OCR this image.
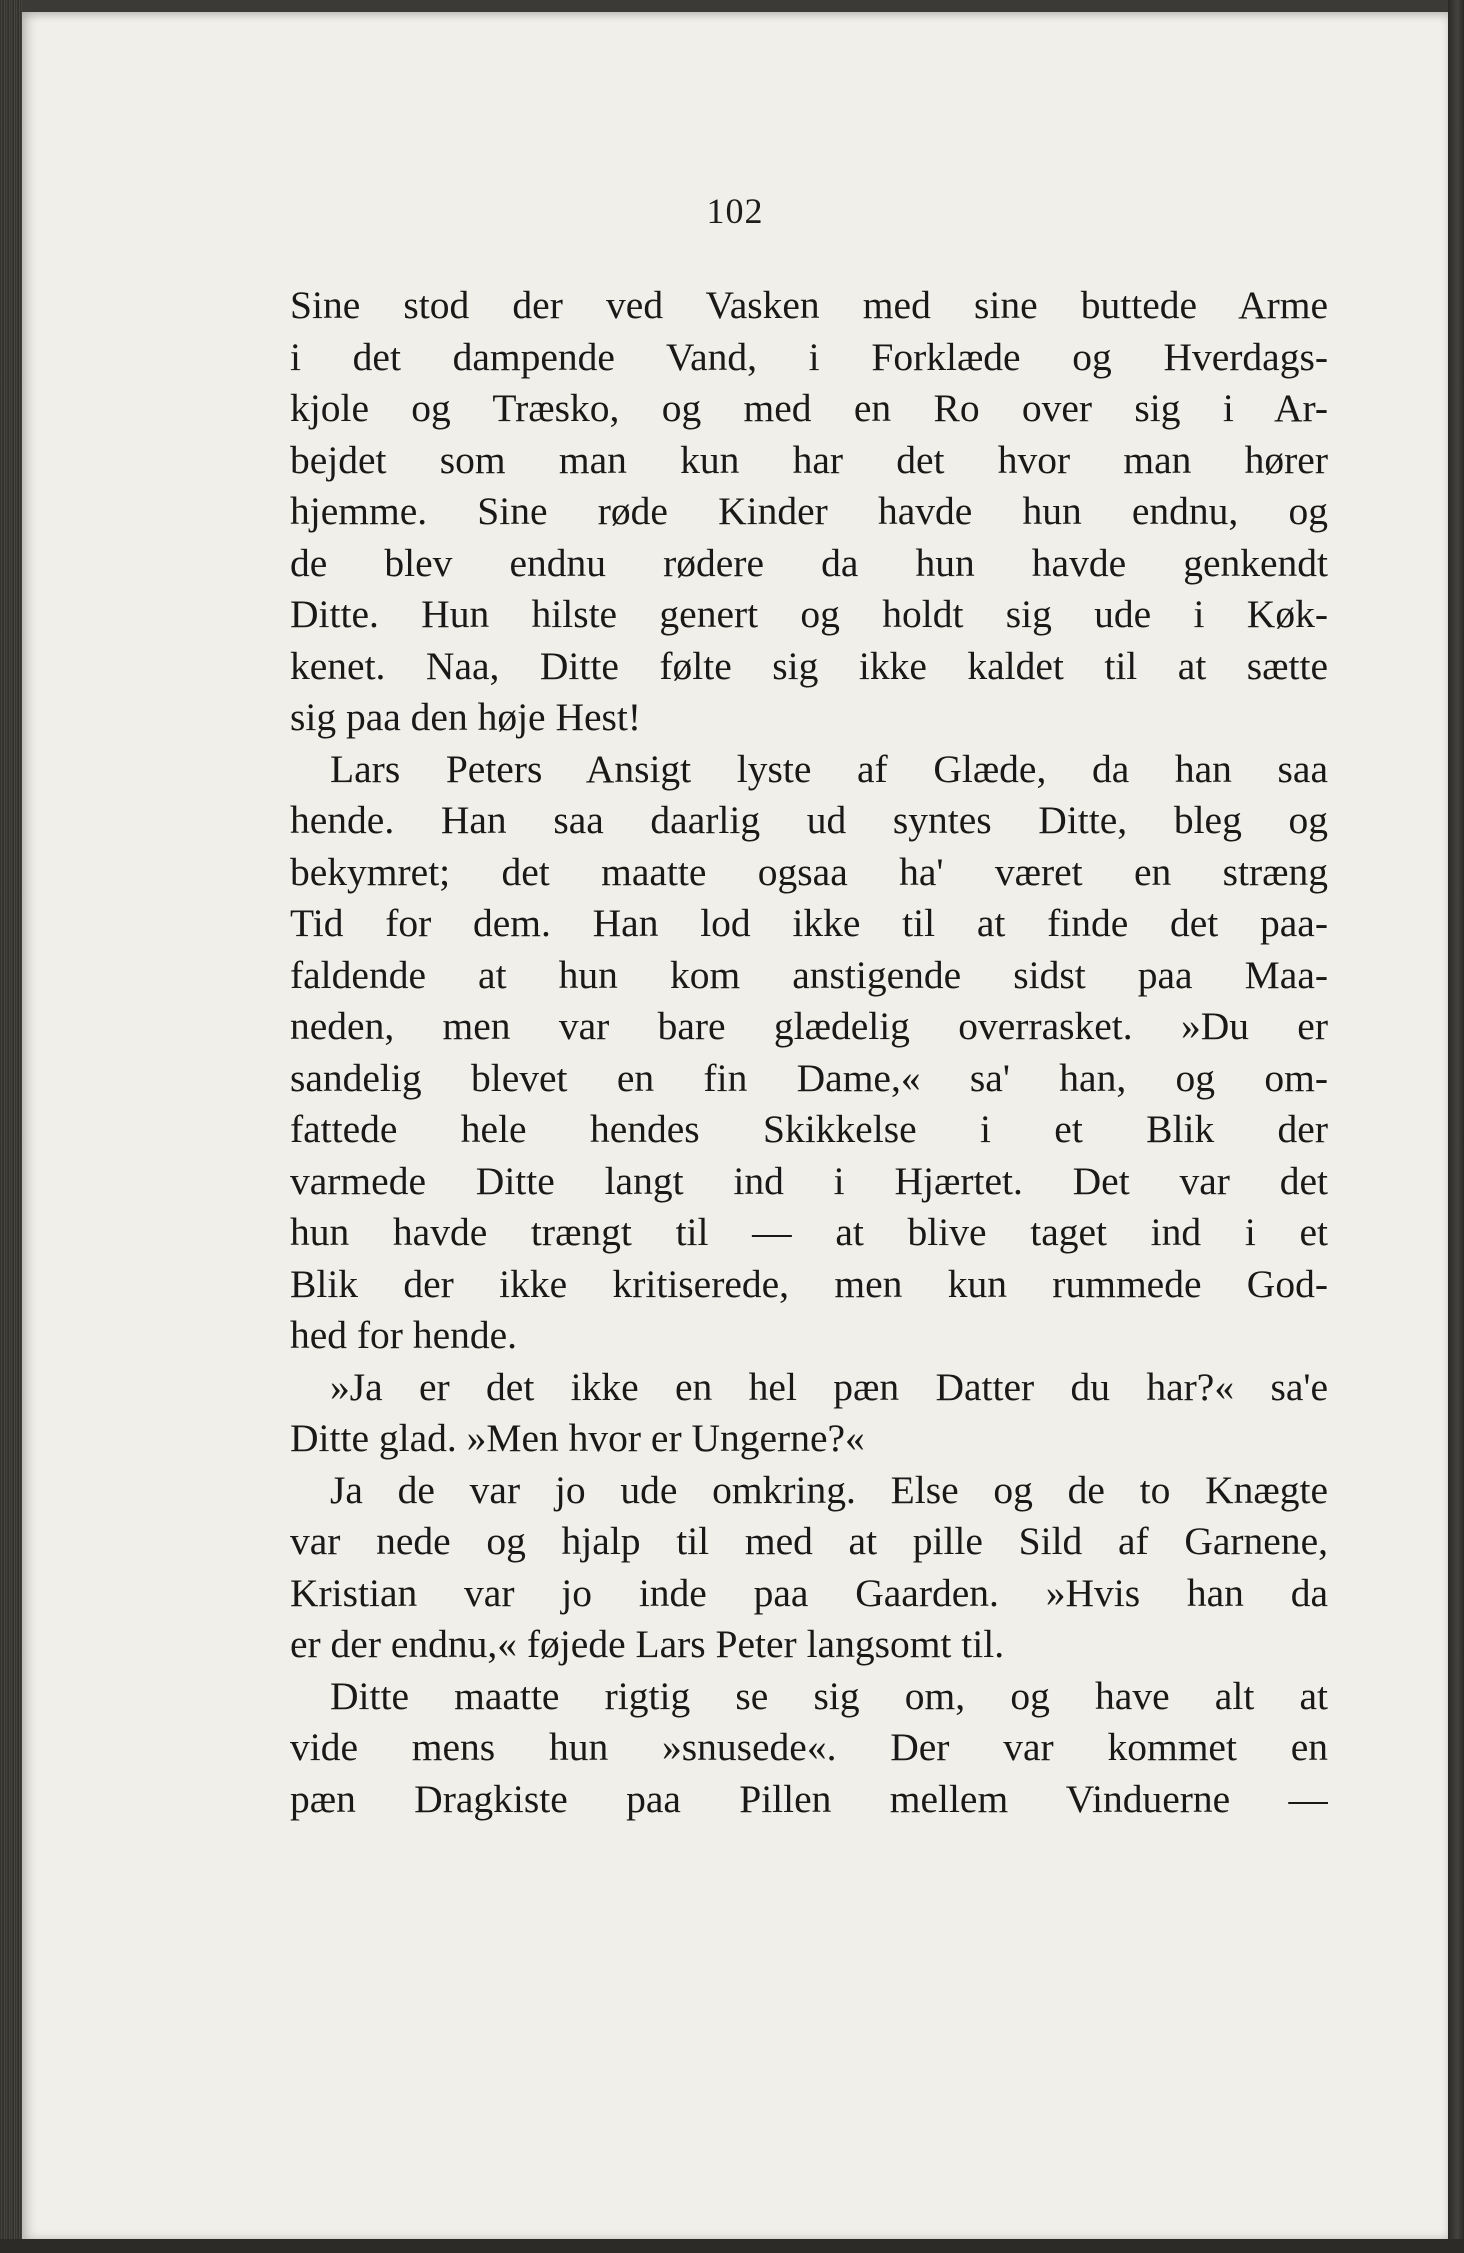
102
Sine stod der ved Vasken med sine buttede Arme
i det dampende Vand, i Forklæde og Hverdags-
kjole og Træsko, og med en Ro over sig i Ar-
bejdet som man kun har det hvor man hører
hjemme. Sine røde Kinder havde hun endnu, og
de blev endnu rødere da hun havde genkendt
Ditte. Hun hilste genert og holdt sig ude i Køk-
kenet. Naa, Ditte følte sig ikke kaldet til at sætte
sig paa den høje Hest!
Lars Peters Ansigt lyste af Glæde, da han saa
hende. Han saa daarlig ud syntes Ditte, bleg og
bekymret; det maatte ogsaa ha' været en stræng
Tid for dem. Han lod ikke til at finde det paa-
faldende at hun kom anstigende sidst paa Maa-
neden, men var bare glædelig overrasket. »Du er
sandelig blevet en fin Dame,« sa' han, og om-
fattede hele hendes Skikkelse i et Blik der
varmede Ditte langt ind i Hjærtet. Det var det
hun havde trængt til — at blive taget ind i et
Blik der ikke kritiserede, men kun rummede God-
hed for hende.
»Ja er det ikke en hel pæn Datter du har?« sa'e
Ditte glad. »Men hvor er Ungerne?«
Ja de var jo ude omkring. Else og de to Knægte
var nede og hjalp til med at pille Sild af Garnene,
Kristian var jo inde paa Gaarden. »Hvis han da
er der endnu,« føjede Lars Peter langsomt til.
Ditte maatte rigtig se sig om, og have alt at
vide mens hun »snusede«. Der var kommet en
pæn Dragkiste paa Pillen mellem Vinduerne —
